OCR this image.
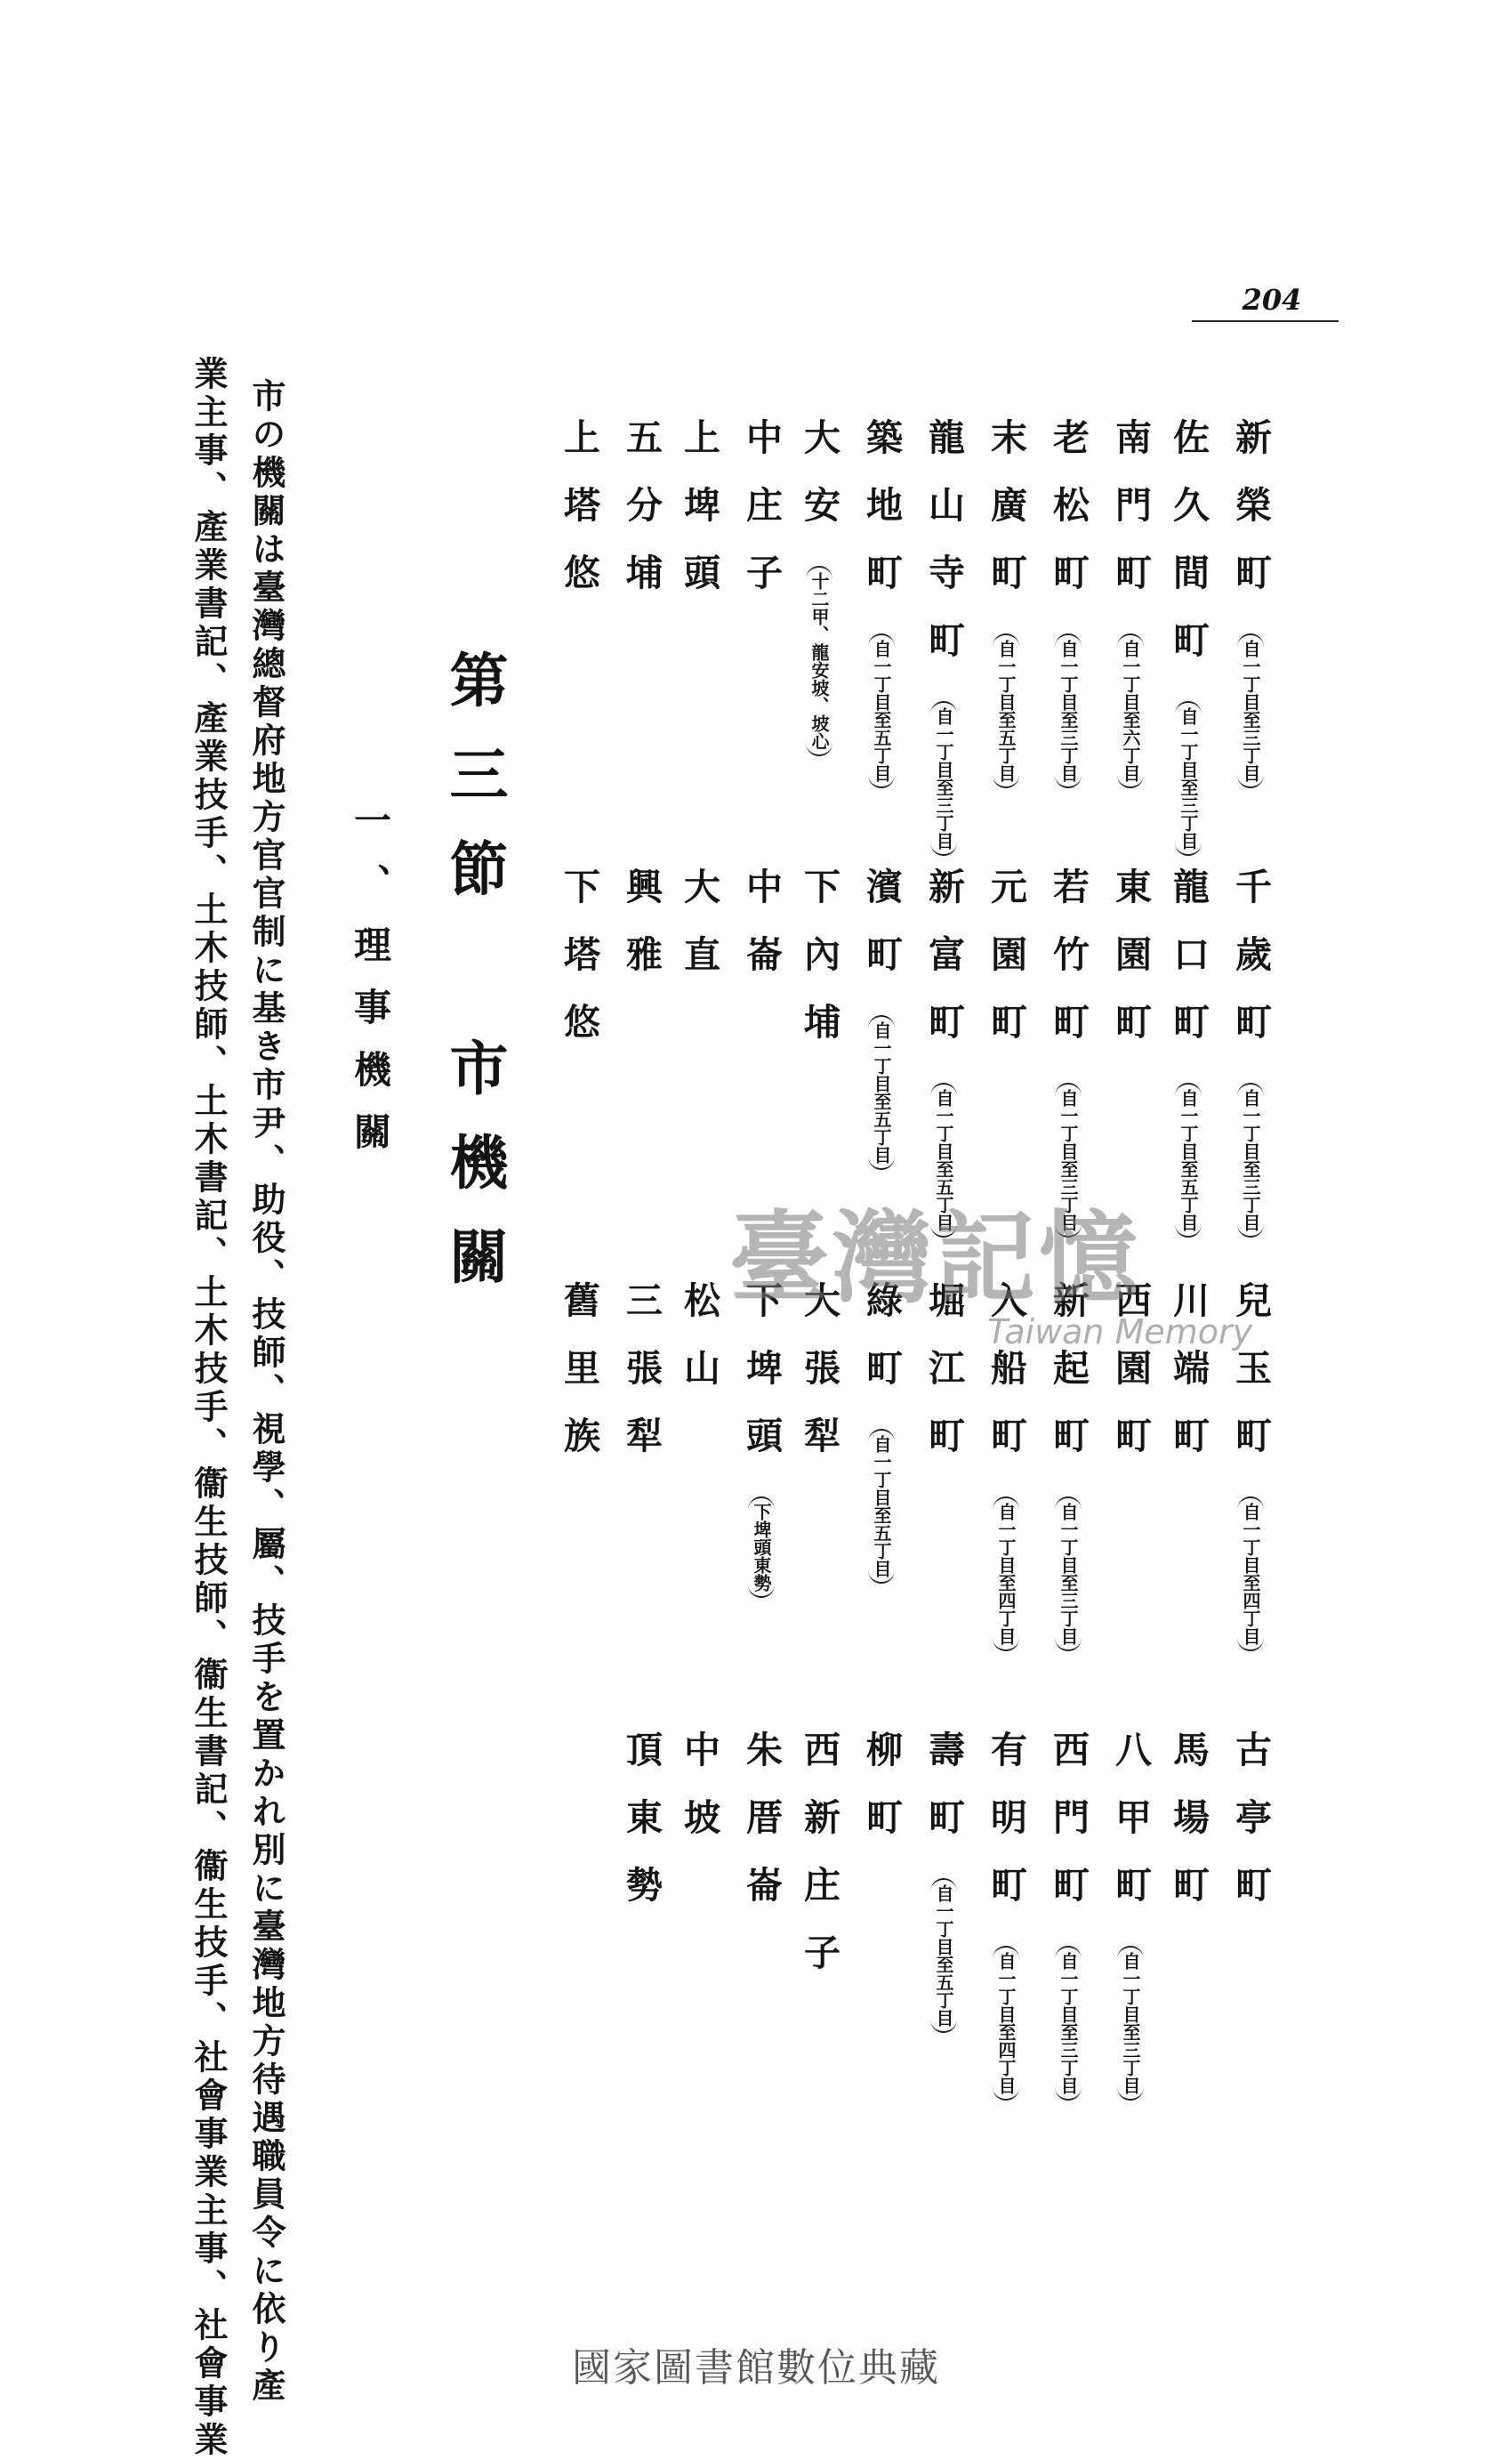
204
新榮町自一丁目至三丁目
千歲町自一丁目至三丁目
兒玉町自一丁目至四丁目
古亭町
佐久間町自一丁目至三丁目
龍口町自一丁目至五丁目
川端町
馬場町
南門町自一丁目至六丁目
東園町
西園町
八甲町自一丁目至三丁目
老松町自一丁目至三丁目
若竹町自一丁目至三丁目
新起町自一丁目至三丁目
西門町自一丁目至三丁目
末廣町自一丁目至五丁目
元園町
入船町自一丁目至四丁目
有明町自一丁目至四丁目
龍山寺町自一丁目至三丁目
新富町自一丁目至五丁目
堀江町
壽町自一丁目至五丁目
築地町自一丁目至五丁目
濱町自一丁目至五丁目
綠町自一丁目至五丁目
柳町
大安十二甲、龍安坡、坡心
下內埔
大張犁
西新庄子
中庄子
中崙
下埤頭下埤頭東勢
朱厝崙
上埤頭
大直
松山
中坡
五分埔
興雅
三張犁
頂東勢
上塔悠
下塔悠
舊里族
第三節 市機關
一、理事機關
市の機關は臺灣總督府地方官官制に基き市尹、助役、技師、視學、屬、技手を置かれ別に臺灣地方待遇職員令に依り產
業主事、產業書記、產業技手、土木技師、土木書記、土木技手、衞生技師、衞生書記、衞生技手、社會事業主事、社會事業	臺灣記憶
Taiwan Memory
國家圖書館數位典藏
